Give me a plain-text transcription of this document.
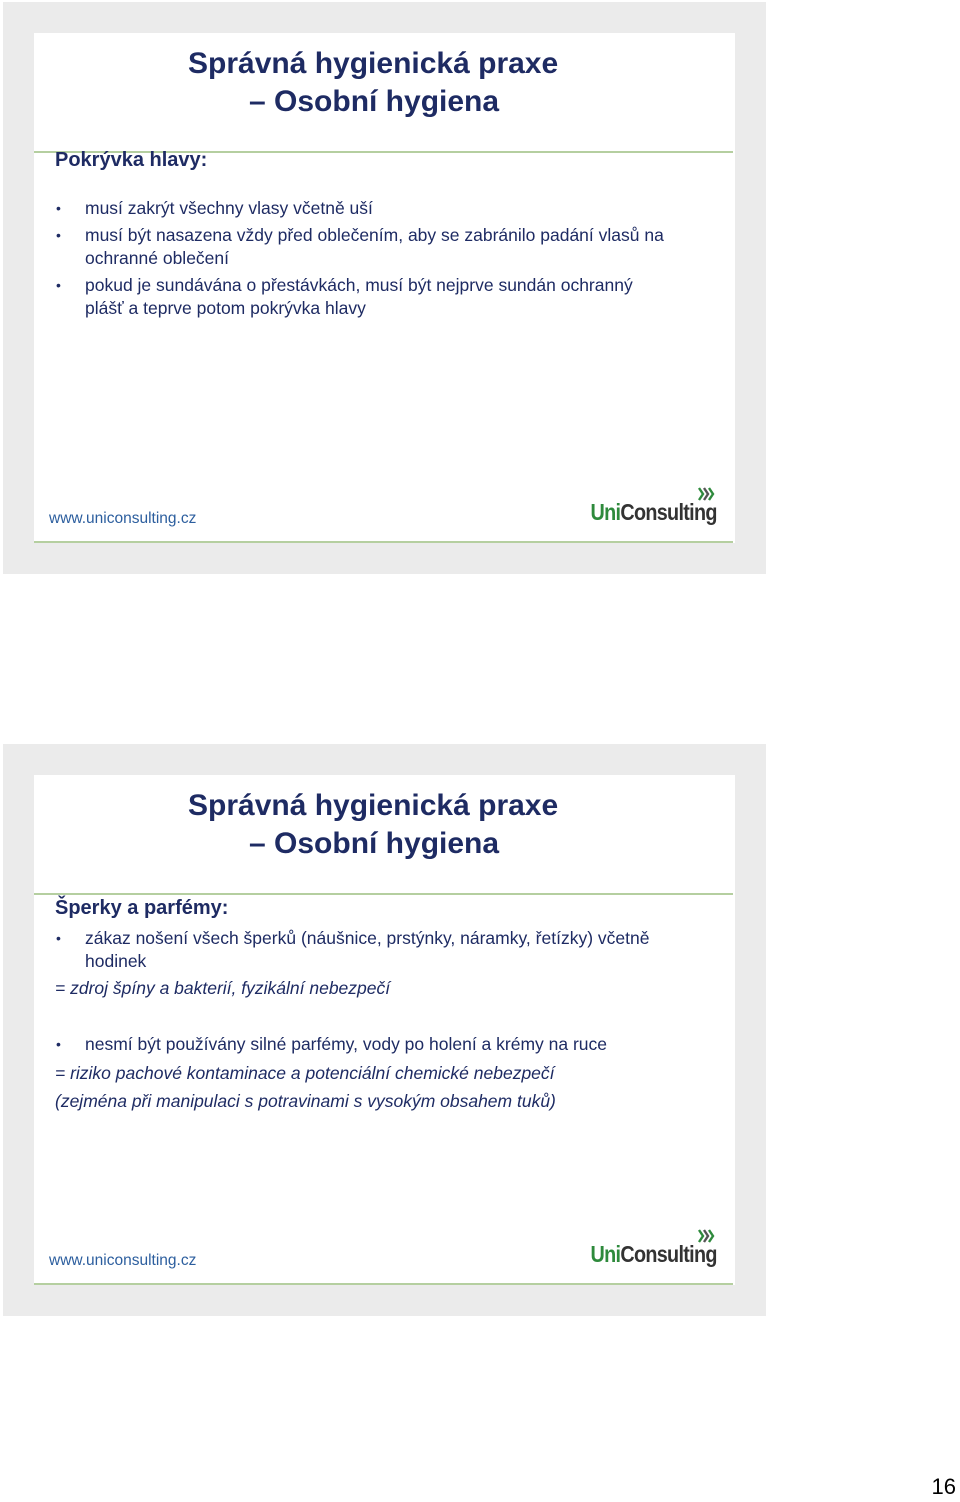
Správná hygienická praxe
– Osobní hygiena
Pokrývka hlavy:
• musí zakrýt všechny vlasy včetně uší
• musí být nasazena vždy před oblečením, aby se zabránilo padání vlasů na ochranné oblečení
• pokud je sundávána o přestávkách, musí být nejprve sundán ochranný plášť a teprve potom pokrývka hlavy
www.uniconsulting.cz	UniConsulting
Správná hygienická praxe
– Osobní hygiena
Šperky a parfémy:
• zákaz nošení všech šperků (náušnice, prstýnky, náramky, řetízky) včetně hodinek
= zdroj špíny a bakterií, fyzikální nebezpečí
• nesmí být používány silné parfémy, vody po holení a krémy na ruce
= riziko pachové kontaminace a potenciální chemické nebezpečí
(zejména při manipulaci s potravinami s vysokým obsahem tuků)
www.uniconsulting.cz	UniConsulting
16
